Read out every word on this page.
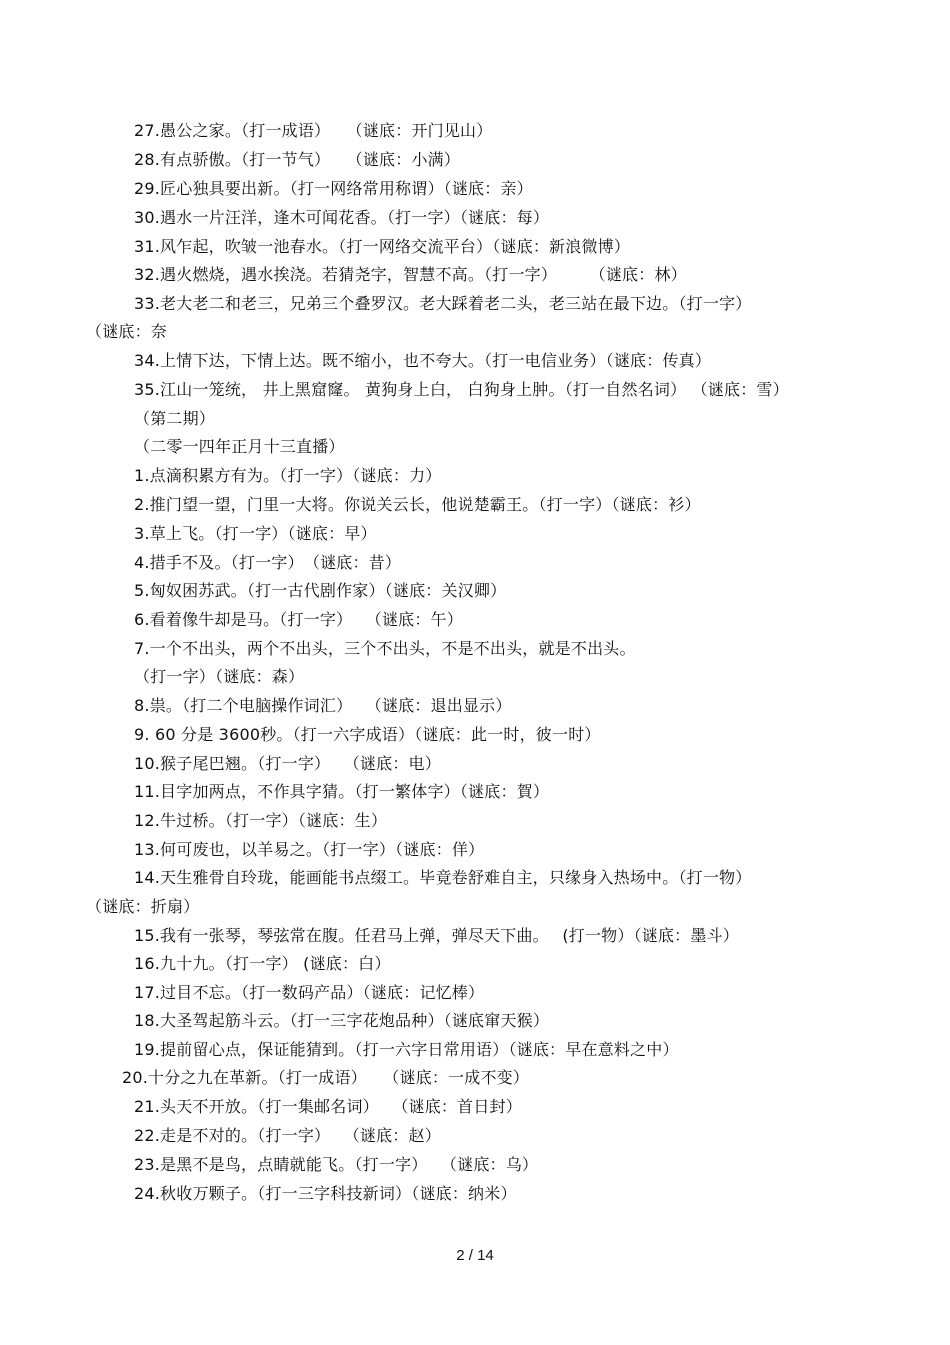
27.愚公之家。（打一成语）　　（谜底：开门见山）
28.有点骄傲。（打一节气）　　（谜底：小满）
29.匠心独具要出新。（打一网络常用称谓）（谜底：亲）
30.遇水一片汪洋，逢木可闻花香。（打一字）（谜底：每）
31.风乍起，吹皱一池春水。（打一网络交流平台）（谜底：新浪微博）
32.遇火燃烧，遇水挨浇。若猜尧字，智慧不高。（打一字）　　　（谜底：林）
33.老大老二和老三，兄弟三个叠罗汉。老大踩着老二头，老三站在最下边。（打一字）
（谜底：奈
34.上情下达，下情上达。既不缩小，也不夸大。（打一电信业务）（谜底：传真）
35.江山一笼统， 井上黑窟窿。 黄狗身上白， 白狗身上肿。（打一自然名词） （谜底：雪）
（第二期）
（二零一四年正月十三直播）
1.点滴积累方有为。（打一字）（谜底：力）
2.推门望一望，门里一大将。你说关云长，他说楚霸王。（打一字）（谜底：衫）
3.草上飞。（打一字）（谜底：早）
4.措手不及。（打一字）　（谜底：昔）
5.匈奴困苏武。（打一古代剧作家）（谜底：关汉卿）
6.看着像牛却是马。（打一字）　 （谜底：午）
7.一个不出头，两个不出头，三个不出头，不是不出头，就是不出头。
（打一字）（谜底：森）
8.祟。（打二个电脑操作词汇）　 （谜底：退出显示）
9. 60 分是 3600秒。（打一六字成语）（谜底：此一时，彼一时）
10.猴子尾巴翘。（打一字）　 （谜底：电）
11.目字加两点，不作具字猜。（打一繁体字）（谜底：賀）
12.牛过桥。（打一字）（谜底：生）
13.何可废也，以羊易之。（打一字）（谜底：佯）
14.天生雅骨自玲珑，能画能书点缀工。毕竟卷舒难自主，只缘身入热场中。（打一物）
（谜底：折扇）
15.我有一张琴，琴弦常在腹。任君马上弹，弹尽天下曲。　 (打一物）（谜底：墨斗）
16.九十九。（打一字） (谜底：白）
17.过目不忘。（打一数码产品）（谜底：记忆棒）
18.大圣驾起筋斗云。（打一三字花炮品种）（谜底窜天猴）
19.提前留心点，保证能猜到。（打一六字日常用语）（谜底：早在意料之中）
20.十分之九在革新。（打一成语）　　（谜底：一成不变）
21.头天不开放。（打一集邮名词）　 （谜底：首日封）
22.走是不对的。（打一字）　 （谜底：赵）
23.是黑不是鸟，点睛就能飞。（打一字）　 （谜底：乌）
24.秋收万颗子。（打一三字科技新词）（谜底：纳米）
2 / 14
